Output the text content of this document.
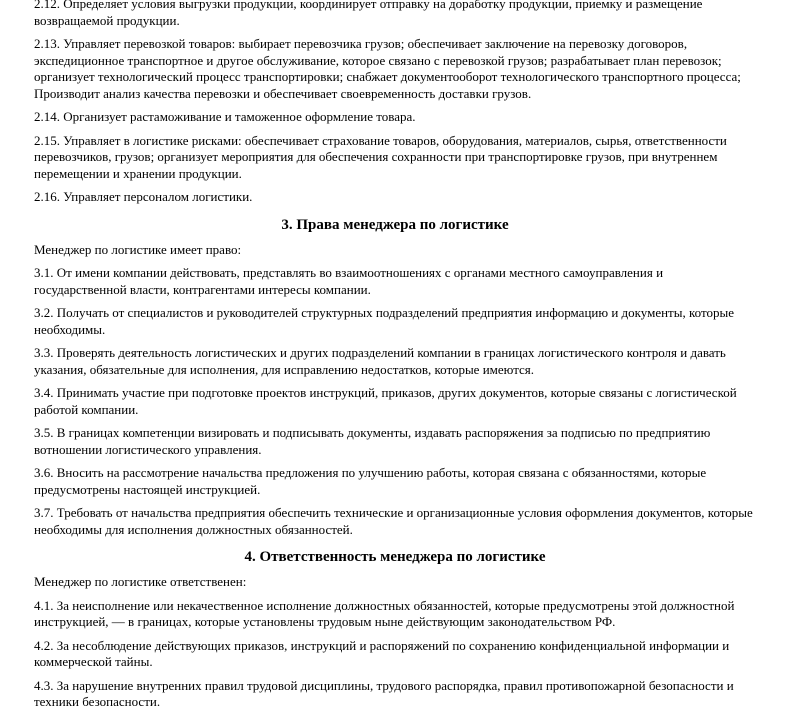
2.12. Определяет условия выгрузки продукции, координирует отправку на доработку продукции, приемку и размещение возвращаемой продукции.

2.13. Управляет перевозкой товаров: выбирает перевозчика грузов; обеспечивает заключение на перевозку договоров, экспедиционное транспортное и другое обслуживание, которое связано с перевозкой грузов; разрабатывает план перевозок; организует технологический процесс транспортировки; снабжает документооборот технологического транспортного процесса; Производит анализ качества перевозки и обеспечивает своевременность доставки грузов.

2.14. Организует растаможивание и таможенное оформление товара.

2.15. Управляет в логистике рисками: обеспечивает страхование товаров, оборудования, материалов, сырья, ответственности перевозчиков, грузов; организует мероприятия для обеспечения сохранности при транспортировке грузов, при внутреннем перемещении и хранении продукции.

2.16. Управляет персоналом логистики.

3. Права менеджера по логистике

Менеджер по логистике имеет право:

3.1. От имени компании действовать, представлять во взаимоотношениях с органами местного самоуправления и государственной власти, контрагентами интересы компании.

3.2. Получать от специалистов и руководителей структурных подразделений предприятия информацию и документы, которые необходимы.

3.3. Проверять деятельность логистических и других подразделений компании в границах логистического контроля и давать указания, обязательные для исполнения, для исправлению недостатков, которые имеются.

3.4. Принимать участие при подготовке проектов инструкций, приказов, других документов, которые связаны с логистической работой компании.

3.5. В границах компетенции визировать и подписывать документы, издавать распоряжения за подписью по предприятию вотношении логистического управления.

3.6. Вносить на рассмотрение начальства предложения по улучшению работы, которая связана с обязанностями, которые предусмотрены настоящей инструкцией.

3.7. Требовать от начальства предприятия обеспечить технические и организационные условия оформления документов, которые необходимы для исполнения должностных обязанностей.

4. Ответственность менеджера по логистике

Менеджер по логистике ответственен:

4.1. За неисполнение или некачественное исполнение должностных обязанностей, которые предусмотрены этой должностной инструкцией, — в границах, которые установлены трудовым ныне действующим законодательством РФ.

4.2. За несоблюдение действующих приказов, инструкций и распоряжений по сохранению конфиденциальной информации и коммерческой тайны.

4.3. За нарушение внутренних правил трудовой дисциплины, трудового распорядка, правил противопожарной безопасности и техники безопасности.
